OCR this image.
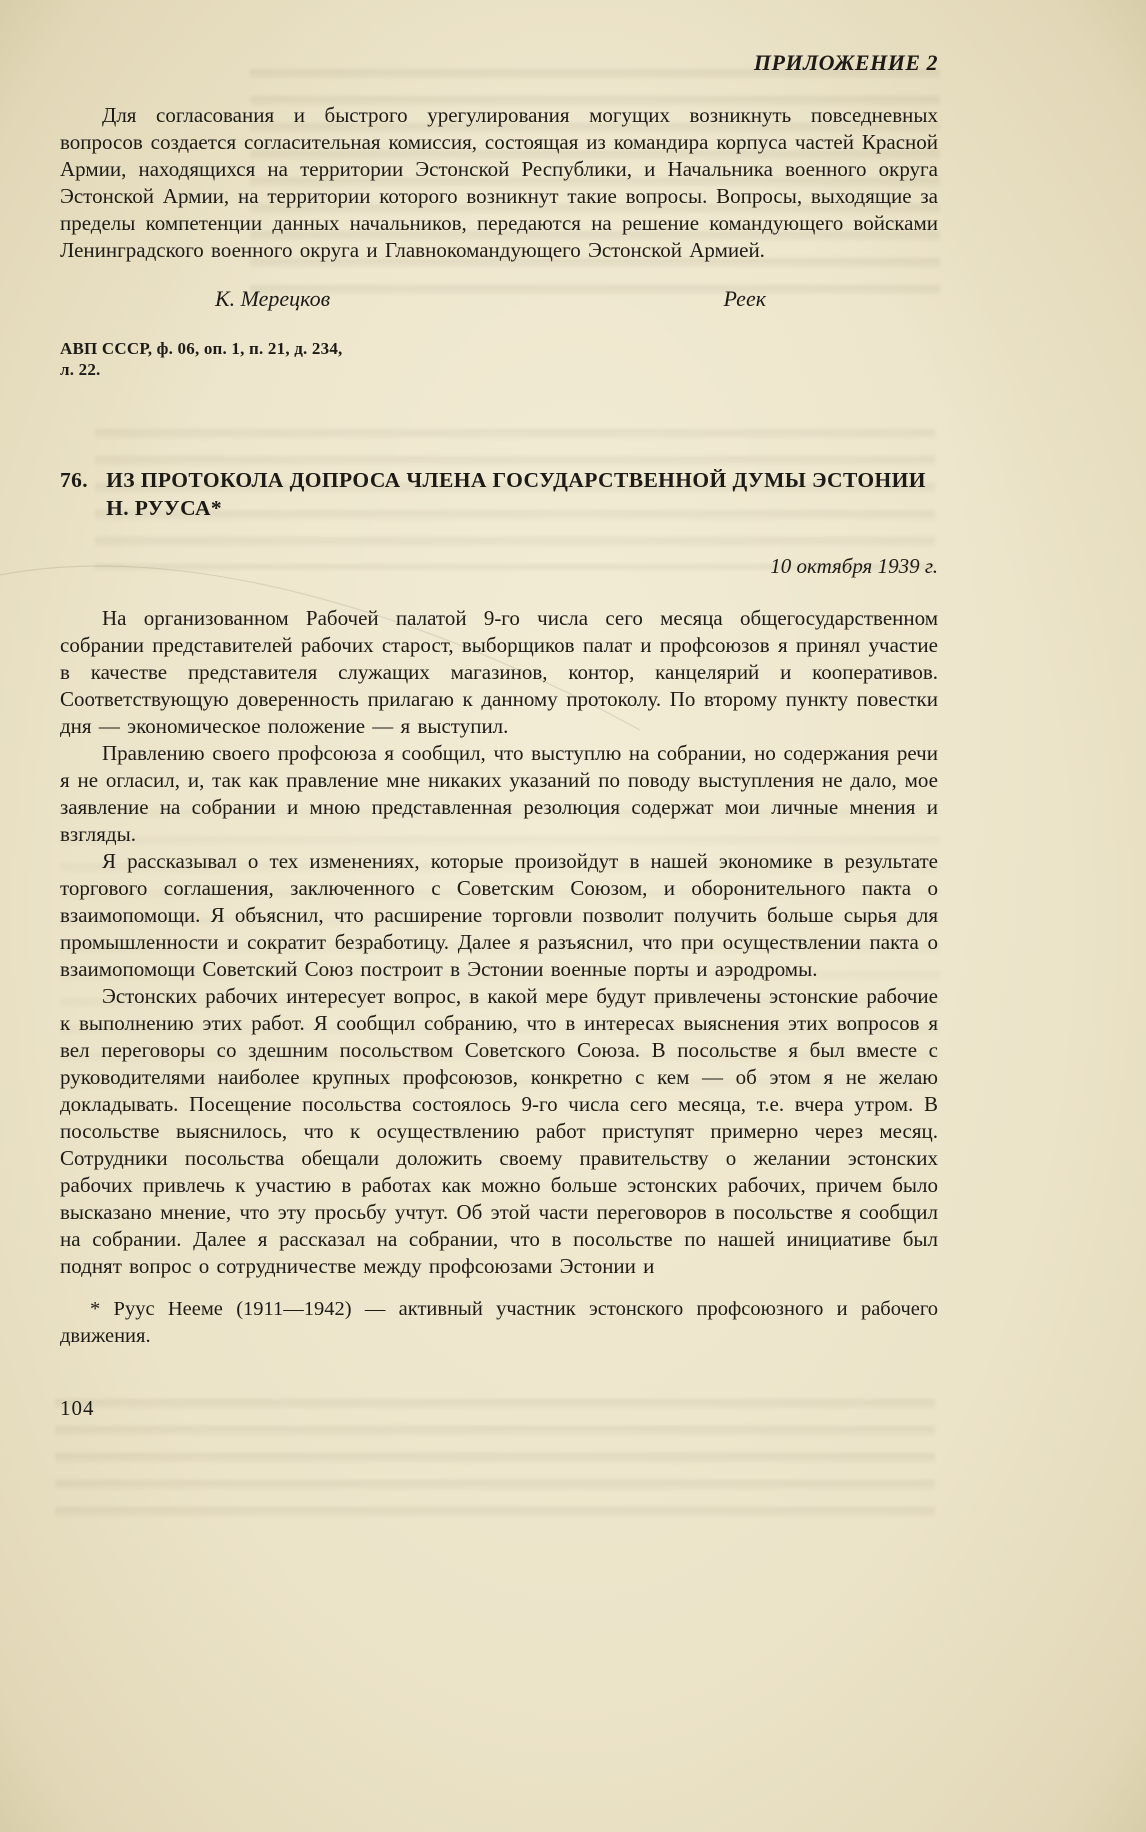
ПРИЛОЖЕНИЕ 2

Для согласования и быстрого урегулирования могущих возникнуть повседневных вопросов создается согласительная комиссия, состоящая из командира корпуса частей Красной Армии, находящихся на территории Эстонской Республики, и Начальника военного округа Эстонской Армии, на территории которого возникнут такие вопросы. Вопросы, выходящие за пределы компетенции данных начальников, передаются на решение командующего войсками Ленинградского военного округа и Главнокомандующего Эстонской Армией.

К. Мерецков	Реек
АВП СССР, ф. 06, оп. 1, п. 21, д. 234,
л. 22.
76. ИЗ ПРОТОКОЛА ДОПРОСА ЧЛЕНА ГОСУДАРСТВЕННОЙ ДУМЫ ЭСТОНИИ
Н. РУУСА*
10 октября 1939 г.

На организованном Рабочей палатой 9-го числа сего месяца общегосударственном собрании представителей рабочих старост, выборщиков палат и профсоюзов я принял участие в качестве представителя служащих магазинов, контор, канцелярий и кооперативов. Соответствующую доверенность прилагаю к данному протоколу. По второму пункту повестки дня — экономическое положение — я выступил.

Правлению своего профсоюза я сообщил, что выступлю на собрании, но содержания речи я не огласил, и, так как правление мне никаких указаний по поводу выступления не дало, мое заявление на собрании и мною представленная резолюция содержат мои личные мнения и взгляды.

Я рассказывал о тех изменениях, которые произойдут в нашей экономике в результате торгового соглашения, заключенного с Советским Союзом, и оборонительного пакта о взаимопомощи. Я объяснил, что расширение торговли позволит получить больше сырья для промышленности и сократит безработицу. Далее я разъяснил, что при осуществлении пакта о взаимопомощи Советский Союз построит в Эстонии военные порты и аэродромы.

Эстонских рабочих интересует вопрос, в какой мере будут привлечены эстонские рабочие к выполнению этих работ. Я сообщил собранию, что в интересах выяснения этих вопросов я вел переговоры со здешним посольством Советского Союза. В посольстве я был вместе с руководителями наиболее крупных профсоюзов, конкретно с кем — об этом я не желаю докладывать. Посещение посольства состоялось 9-го числа сего месяца, т.е. вчера утром. В посольстве выяснилось, что к осуществлению работ приступят примерно через месяц. Сотрудники посольства обещали доложить своему правительству о желании эстонских рабочих привлечь к участию в работах как можно больше эстонских рабочих, причем было высказано мнение, что эту просьбу учтут. Об этой части переговоров в посольстве я сообщил на собрании. Далее я рассказал на собрании, что в посольстве по нашей инициативе был поднят вопрос о сотрудничестве между профсоюзами Эстонии и

* Руус Нееме (1911—1942) — активный участник эстонского профсоюзного и рабочего движения.

104
